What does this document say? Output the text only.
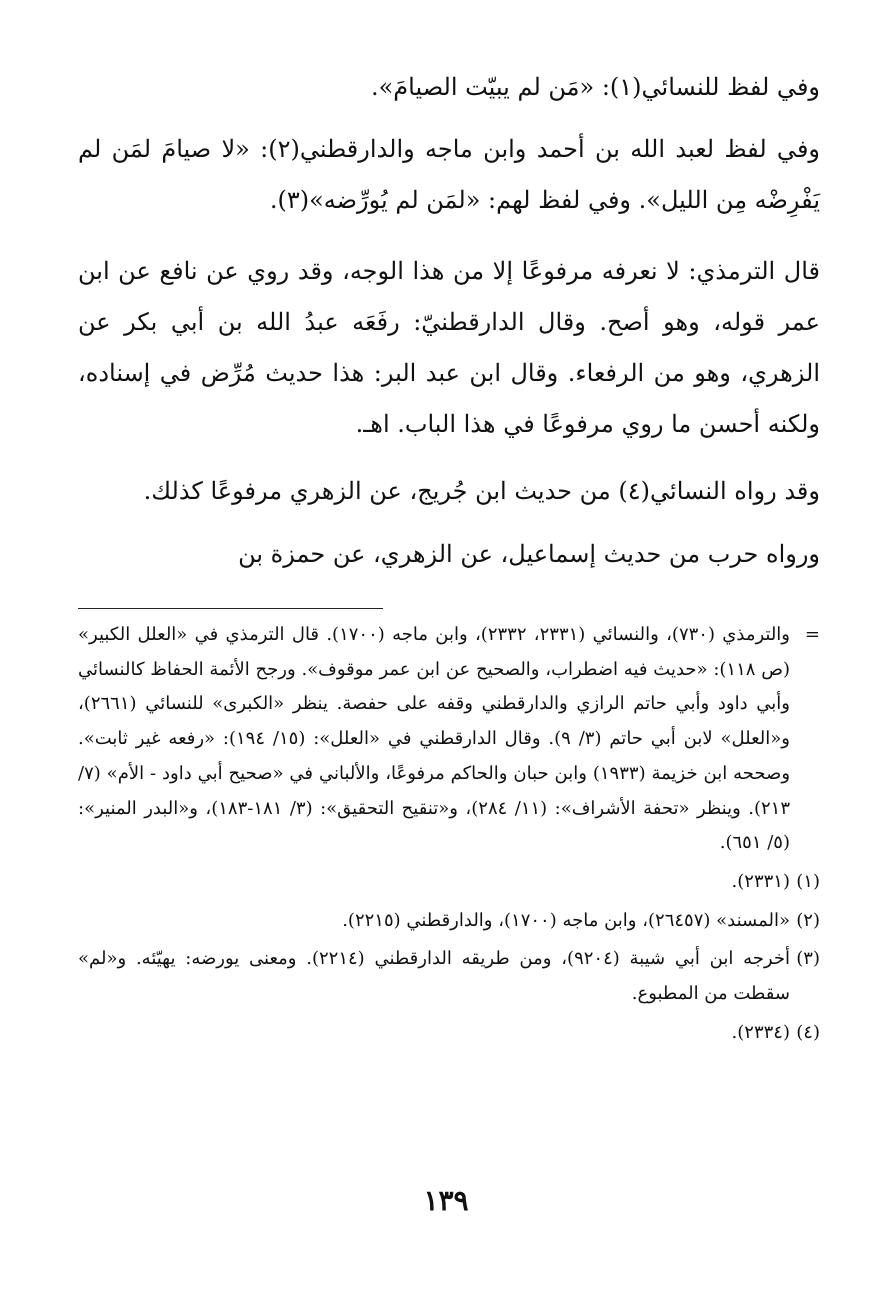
وفي لفظ للنسائي(١): «مَن لم يبيّت الصيامَ».

وفي لفظ لعبد الله بن أحمد وابن ماجه والدارقطني(٢): «لا صيامَ لمَن لم يَفْرِضْه مِن الليل». وفي لفظ لهم: «لمَن لم يُورِّضه»(٣).

قال الترمذي: لا نعرفه مرفوعًا إلا من هذا الوجه، وقد روي عن نافع عن ابن عمر قوله، وهو أصح. وقال الدارقطنيّ: رفَعَه عبدُ الله بن أبي بكر عن الزهري، وهو من الرفعاء. وقال ابن عبد البر: هذا حديث مُرِّض في إسناده، ولكنه أحسن ما روي مرفوعًا في هذا الباب. اهـ.

وقد رواه النسائي(٤) من حديث ابن جُريج، عن الزهري مرفوعًا كذلك.

ورواه حرب من حديث إسماعيل، عن الزهري، عن حمزة بن

=
والترمذي (٧٣٠)، والنسائي (٢٣٣١، ٢٣٣٢)، وابن ماجه (١٧٠٠). قال الترمذي في «العلل الكبير» (ص ١١٨): «حديث فيه اضطراب، والصحيح عن ابن عمر موقوف». ورجح الأئمة الحفاظ كالنسائي وأبي داود وأبي حاتم الرازي والدارقطني وقفه على حفصة. ينظر «الكبرى» للنسائي (٢٦٦١)، و«العلل» لابن أبي حاتم (٣/ ٩). وقال الدارقطني في «العلل»: (١٥/ ١٩٤): «رفعه غير ثابت». وصححه ابن خزيمة (١٩٣٣) وابن حبان والحاكم مرفوعًا، والألباني في «صحيح أبي داود - الأم» (٧/ ٢١٣). وينظر «تحفة الأشراف»: (١١/ ٢٨٤)، و«تنقيح التحقيق»: (٣/ ١٨١-١٨٣)، و«البدر المنير»: (٥/ ٦٥١).
(١)
(٢٣٣١).
(٢)
«المسند» (٢٦٤٥٧)، وابن ماجه (١٧٠٠)، والدارقطني (٢٢١٥).
(٣)
أخرجه ابن أبي شيبة (٩٢٠٤)، ومن طريقه الدارقطني (٢٢١٤). ومعنى يورضه: يهيّئه. و«لم» سقطت من المطبوع.
(٤)
(٢٣٣٤).
١٣٩
